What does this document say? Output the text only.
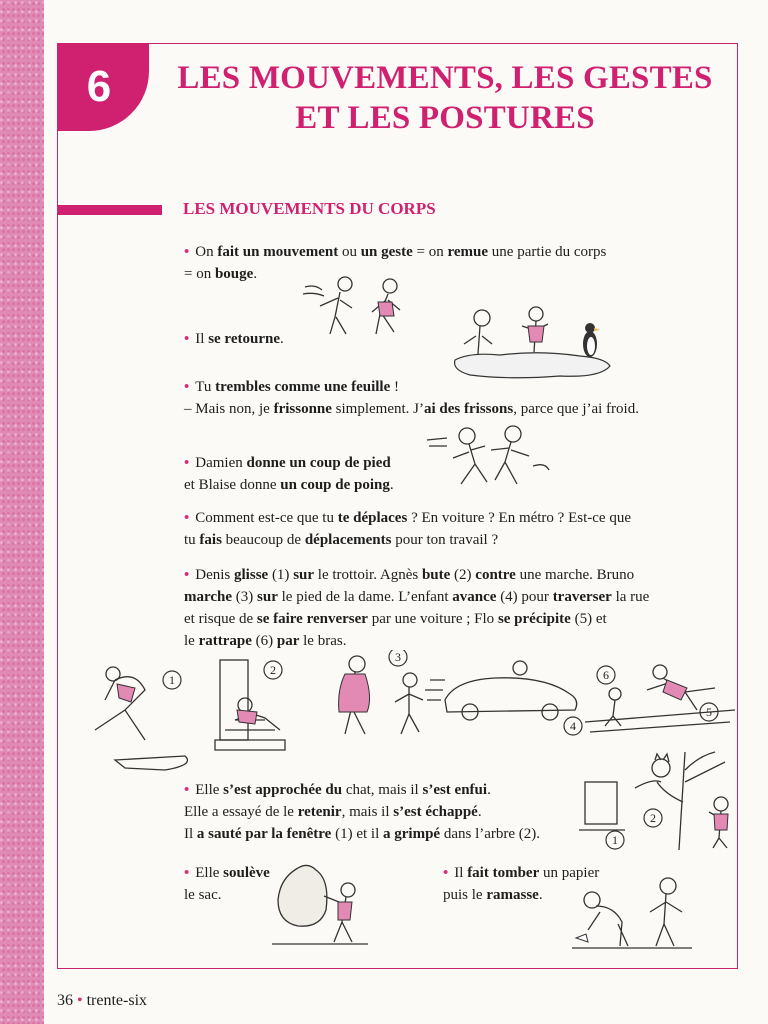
6	LES MOUVEMENTS, LES GESTES
ET LES POSTURES
LES MOUVEMENTS DU CORPS
• On fait un mouvement ou un geste = on remue une partie du corps
= on bouge.
• Il se retourne.
• Tu trembles comme une feuille !
– Mais non, je frissonne simplement. J’ai des frissons, parce que j’ai froid.
• Damien donne un coup de pied
et Blaise donne un coup de poing.
• Comment est-ce que tu te déplaces ? En voiture ? En métro ? Est-ce que
tu fais beaucoup de déplacements pour ton travail ?
• Denis glisse (1) sur le trottoir. Agnès bute (2) contre une marche. Bruno
marche (3) sur le pied de la dame. L’enfant avance (4) pour traverser la rue
et risque de se faire renverser par une voiture ; Flo se précipite (5) et
le rattrape (6) par le bras.
1
2
3
4
5
6
• Elle s’est approchée du chat, mais il s’est enfui.
Elle a essayé de le retenir, mais il s’est échappé.
Il a sauté par la fenêtre (1) et il a grimpé dans l’arbre (2).	1
2
• Elle soulève
le sac.
• Il fait tomber un papier
puis le ramasse.
36 • trente-six
